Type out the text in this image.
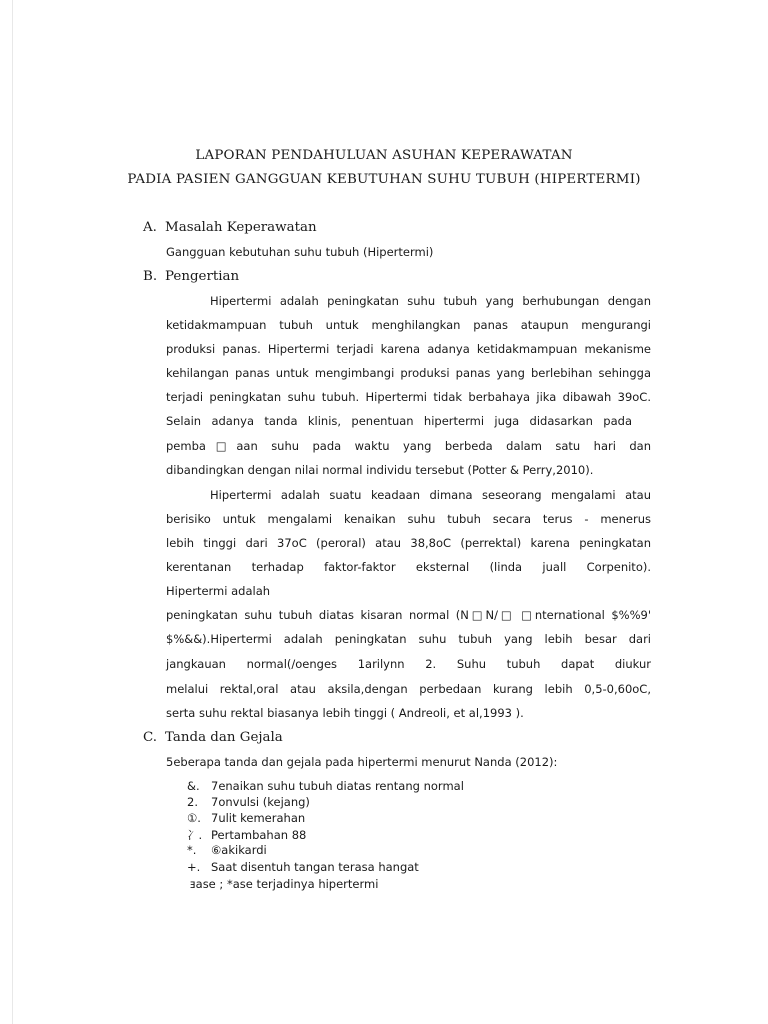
LAPORAN PENDAHULUAN ASUHAN KEPERAWATAN
PADIA PASIEN GANGGUAN KEBUTUHAN SUHU TUBUH (HIPERTERMI)
A. Masalah Keperawatan
Gangguan kebutuhan suhu tubuh (Hipertermi)
B. Pengertian
Hipertermi adalah peningkatan suhu tubuh yang berhubungan dengan
ketidakmampuan tubuh untuk menghilangkan panas ataupun mengurangi
produksi panas. Hipertermi terjadi karena adanya ketidakmampuan mekanisme
kehilangan panas untuk mengimbangi produksi panas yang berlebihan sehingga
terjadi peningkatan suhu tubuh. Hipertermi tidak berbahaya jika dibawah 39oC.
Selain adanya tanda klinis, penentuan hipertermi juga didasarkan pada
pemba□aan suhu pada waktu yang berbeda dalam satu hari dan
dibandingkan dengan nilai normal individu tersebut (Potter & Perry,2010).
Hipertermi adalah suatu keadaan dimana seseorang mengalami atau
berisiko untuk mengalami kenaikan suhu tubuh secara terus - menerus
lebih tinggi dari 37oC (peroral) atau 38,8oC (perrektal) karena peningkatan
kerentanan terhadap faktor-faktor eksternal (linda juall Corpenito).
Hipertermi adalah
peningkatan suhu tubuh diatas kisaran normal (N□N/□ □nternational $%%9'
$%&&).Hipertermi adalah peningkatan suhu tubuh yang lebih besar dari
jangkauan normal(/oenges 1arilynn 2. Suhu tubuh dapat diukur
melalui rektal,oral atau aksila,dengan perbedaan kurang lebih 0,5-0,60oC,
serta suhu rektal biasanya lebih tinggi ( Andreoli, et al,1993 ).
C. Tanda dan Gejala
5eberapa tanda dan gejala pada hipertermi menurut Nanda (2012):
&. 7enaikan suhu tubuh diatas rentang normal
2. 7onvulsi (kejang)
①. 7ulit kemerahan
冫. Pertambahan 88
*. ⑥akikardi
+. Saat disentuh tangan terasa hangat
ⱻase ; *ase terjadinya hipertermi
